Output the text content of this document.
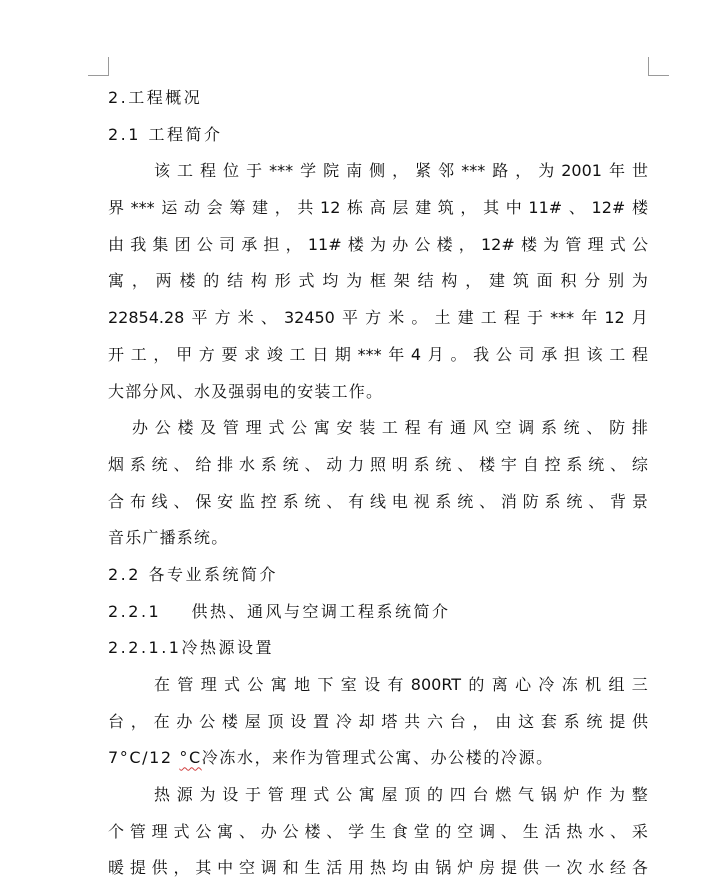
2.工程概况
2.1 工程简介
该 工 程 位 于 *** 学 院 南 侧 ， 紧 邻 *** 路 ， 为 2001 年 世
界 *** 运 动 会 筹 建 ， 共 12 栋 高 层 建 筑 ， 其 中 11# 、 12# 楼
由 我 集 团 公 司 承 担 ， 11# 楼 为 办 公 楼 ， 12# 楼 为 管 理 式 公
寓 ， 两 楼 的 结 构 形 式 均 为 框 架 结 构 ， 建 筑 面 积 分 别 为
22854.28 平 方 米 、 32450 平 方 米 。 土 建 工 程 于 *** 年 12 月
开 工 ， 甲 方 要 求 竣 工 日 期 *** 年 4 月 。 我 公 司 承 担 该 工 程
大部分风、水及强弱电的安装工作。
办 公 楼 及 管 理 式 公 寓 安 装 工 程 有 通 风 空 调 系 统 、 防 排
烟 系 统 、 给 排 水 系 统 、 动 力 照 明 系 统 、 楼 宇 自 控 系 统 、 综
合 布 线 、 保 安 监 控 系 统 、 有 线 电 视 系 统 、 消 防 系 统 、 背 景
音乐广播系统。
2.2 各专业系统简介
2.2.1    供热、通风与空调工程系统简介
2.2.1.1冷热源设置
在 管 理 式 公 寓 地 下 室 设 有 800RT 的 离 心 冷 冻 机 组 三
台 ， 在 办 公 楼 屋 顶 设 置 冷 却 塔 共 六 台 ， 由 这 套 系 统 提 供
7°C/12 °C冷冻水，来作为管理式公寓、办公楼的冷源。
热 源 为 设 于 管 理 式 公 寓 屋 顶 的 四 台 燃 气 锅 炉 作 为 整
个 管 理 式 公 寓 、 办 公 楼 、 学 生 食 堂 的 空 调 、 生 活 热 水 、 采
暖 提 供 ， 其 中 空 调 和 生 活 用 热 均 由 锅 炉 房 提 供 一 次 水 经 各
